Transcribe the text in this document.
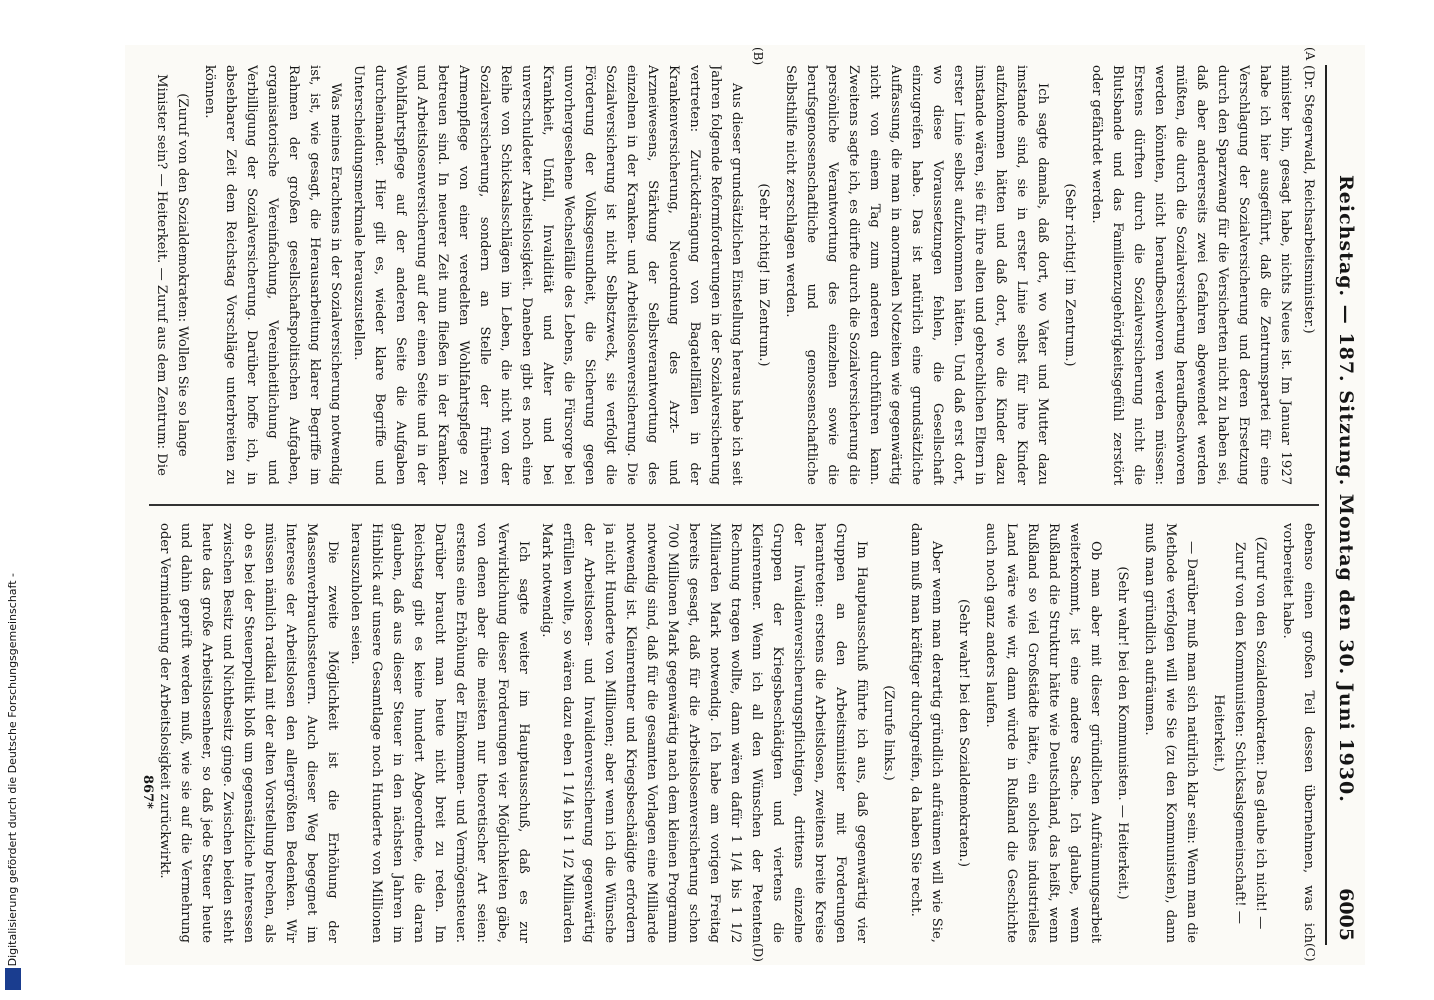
Reichstag. — 187. Sitzung. Montag den 30. Juni 1930.
6005
(A
(B)
(C)
(D)

(Dr. Stegerwald, Reichsarbeitsminister.)

minister bin, gesagt habe, nichts Neues ist. Im Januar 1927 habe ich hier ausgeführt, daß die Zentrumspartei für eine Verschlagung der Sozialversicherung und deren Ersetzung durch den Sparzwang für die Versicherten nicht zu haben sei, daß aber andererseits zwei Gefahren abgewendet werden müßten, die durch die Sozialversicherung heraufbeschworen werden könnten, nicht heraufbeschworen werden müssen: Erstens dürften durch die Sozialversicherung nicht die Blutsbande und das Familienzugehörigkeitsgefühl zerstört oder gefährdet werden.

(Sehr richtig! im Zentrum.)

Ich sagte damals, daß dort, wo Vater und Mutter dazu imstande sind, sie in erster Linie selbst für ihre Kinder aufzukommen hätten und daß dort, wo die Kinder dazu imstande wären, sie für ihre alten und gebrechlichen Eltern in erster Linie selbst aufzukommen hätten. Und daß erst dort, wo diese Voraussetzungen fehlen, die Gesellschaft einzugreifen habe. Das ist natürlich eine grundsätzliche Auffassung, die man in anormalen Notzeiten wie gegenwärtig nicht von einem Tag zum anderen durchführen kann. Zweitens sagte ich, es dürfte durch die Sozialversicherung die persönliche Verantwortung des einzelnen sowie die berufsgenossenschaftliche und genossenschaftliche Selbsthilfe nicht zerschlagen werden.

(Sehr richtig! im Zentrum.)

Aus dieser grundsätzlichen Einstellung heraus habe ich seit Jahren folgende Reformforderungen in der Sozialversicherung vertreten: Zurückdrängung von Bagatellfällen in der Krankenversicherung, Neuordnung des Arzt- und Arzneiwesens, Stärkung der Selbstverantwortung des einzelnen in der Kranken- und Arbeitslosenversicherung. Die Sozialversicherung ist nicht Selbstzweck, sie verfolgt die Förderung der Volksgesundheit, die Sicherung gegen unvorhergesehene Wechselfälle des Lebens, die Fürsorge bei Krankheit, Unfall, Invalidität und Alter und bei unverschuldeter Arbeitslosigkeit. Daneben gibt es noch eine Reihe von Schicksalsschlägen im Leben, die nicht von der Sozialversicherung, sondern an Stelle der früheren Armenpflege von einer veredelten Wohlfahrtspflege zu betreuen sind. In neuerer Zeit nun fließen in der Kranken- und Arbeitslosenversicherung auf der einen Seite und in der Wohlfahrtspflege auf der anderen Seite die Aufgaben durcheinander. Hier gilt es, wieder klare Begriffe und Unterscheidungsmerkmale herauszustellen.

Was meines Erachtens in der Sozialversicherung notwendig ist, ist, wie gesagt, die Herausarbeitung klarer Begriffe im Rahmen der großen gesellschaftspolitischen Aufgaben, organisatorische Vereinfachung, Vereinheitlichung und Verbilligung der Sozialversicherung. Darüber hoffe ich, in absehbarer Zeit dem Reichstag Vorschläge unterbreiten zu können.

(Zuruf von den Sozialdemokraten: Wollen Sie so lange Minister sein? — Heiterkeit. — Zuruf aus dem Zentrum: Die

ebenso einen großen Teil dessen übernehmen, was ich vorbereitet habe.

(Zuruf von den Sozialdemokraten: Das glaube ich nicht! — Zuruf von den Kommunisten: Schicksalsgemeinschaft! — Heiterkeit.)

— Darüber muß man sich natürlich klar sein: Wenn man die Methode verfolgen will wie Sie (zu den Kommunisten), dann muß man gründlich aufräumen.

(Sehr wahr! bei den Kommunisten. — Heiterkeit.)

Ob man aber mit dieser gründlichen Aufräumungsarbeit weiterkommt, ist eine andere Sache. Ich glaube, wenn Rußland die Struktur hätte wie Deutschland, das heißt, wenn Rußland so viel Großstädte hätte, ein solches industrielles Land wäre wie wir, dann würde in Rußland die Geschichte auch noch ganz anders laufen.

(Sehr wahr! bei den Sozialdemokraten.)

Aber wenn man derartig gründlich aufräumen will wie Sie, dann muß man kräftiger durchgreifen, da haben Sie recht.

(Zurufe links.)

Im Hauptausschuß führte ich aus, daß gegenwärtig vier Gruppen an den Arbeitsminister mit Forderungen herantreten: erstens die Arbeitslosen, zweitens breite Kreise der Invalidenversicherungspflichtigen, drittens einzelne Gruppen der Kriegsbeschädigten und viertens die Kleinrentner. Wenn ich all den Wünschen der Petenten Rechnung tragen wollte, dann wären dafür 1 1/4 bis 1 1/2 Milliarden Mark notwendig. Ich habe am vorigen Freitag bereits gesagt, daß für die Arbeitslosenversicherung schon 700 Millionen Mark gegenwärtig nach dem kleinen Programm notwendig sind, daß für die gesamten Vorlagen eine Milliarde notwendig ist. Kleinrentner und Kriegsbeschädigte erfordern ja nicht Hunderte von Millionen; aber wenn ich die Wünsche der Arbeitslosen- und Invalidenversicherung gegenwärtig erfüllen wollte, so wären dazu eben 1 1/4 bis 1 1/2 Milliarden Mark notwendig.

Ich sagte weiter im Hauptausschuß, daß es zur Verwirklichung dieser Forderungen vier Möglichkeiten gäbe, von denen aber die meisten nur theoretischer Art seien: erstens eine Erhöhung der Einkommen- und Vermögensteuer. Darüber braucht man heute nicht breit zu reden. Im Reichstag gibt es keine hundert Abgeordnete, die daran glauben, daß aus dieser Steuer in den nächsten Jahren im Hinblick auf unsere Gesamtlage noch Hunderte von Millionen herauszuholen seien.

Die zweite Möglichkeit ist die Erhöhung der Massenverbrauchssteuern. Auch dieser Weg begegnet im Interesse der Arbeitslosen den allergrößten Bedenken. Wir müssen nämlich radikal mit der alten Vorstellung brechen, als ob es bei der Steuerpolitik bloß um gegensätzliche Interessen zwischen Besitz und Nichtbesitz ginge. Zwischen beiden steht heute das große Arbeitslosenheer, so daß jede Steuer heute und dahin geprüft werden muß, wie sie auf die Vermehrung oder Verminderung der Arbeitslosigkeit zurückwirkt.

867*
Digitalisierung gefördert durch die Deutsche Forschungsgemeinschaft -
